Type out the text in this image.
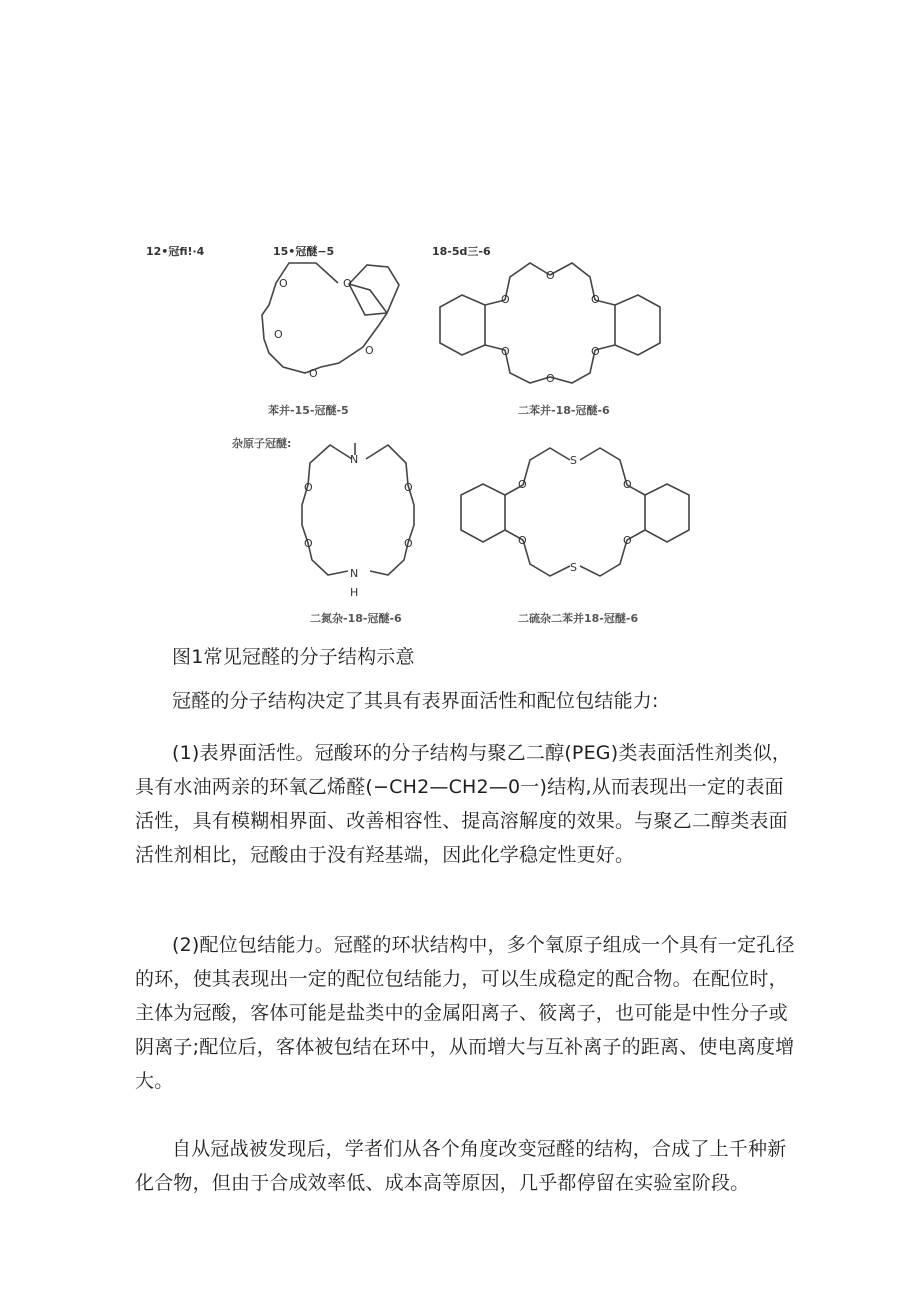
12•冠fi!·4	15•冠醚−5	18-5d三-6
O
O
O
O
O
苯并-15-冠醚-5
O
O
O
O
O
O
二苯并-18-冠醚-6
杂原子冠醚:
N
O	O
O	O
N
H
二氮杂-18-冠醚-6
S
S
O	O
O	O
二硫杂二苯并18-冠醚-6

图1常见冠醛的分子结构示意

冠醛的分子结构决定了其具有表界面活性和配位包结能力:

(1)表界面活性。冠酸环的分子结构与聚乙二醇(PEG)类表面活性剂类似，具有水油两亲的环氧乙烯醛(−CH2—CH2—0一)结构,从而表现出一定的表面活性，具有模糊相界面、改善相容性、提高溶解度的效果。与聚乙二醇类表面活性剂相比，冠酸由于没有羟基端，因此化学稳定性更好。

(2)配位包结能力。冠醛的环状结构中，多个氧原子组成一个具有一定孔径的环，使其表现出一定的配位包结能力，可以生成稳定的配合物。在配位时，主体为冠酸，客体可能是盐类中的金属阳离子、筱离子，也可能是中性分子或阴离子;配位后，客体被包结在环中，从而增大与互补离子的距离、使电离度增大。

自从冠战被发现后，学者们从各个角度改变冠醛的结构，合成了上千种新化合物，但由于合成效率低、成本高等原因，几乎都停留在实验室阶段。
